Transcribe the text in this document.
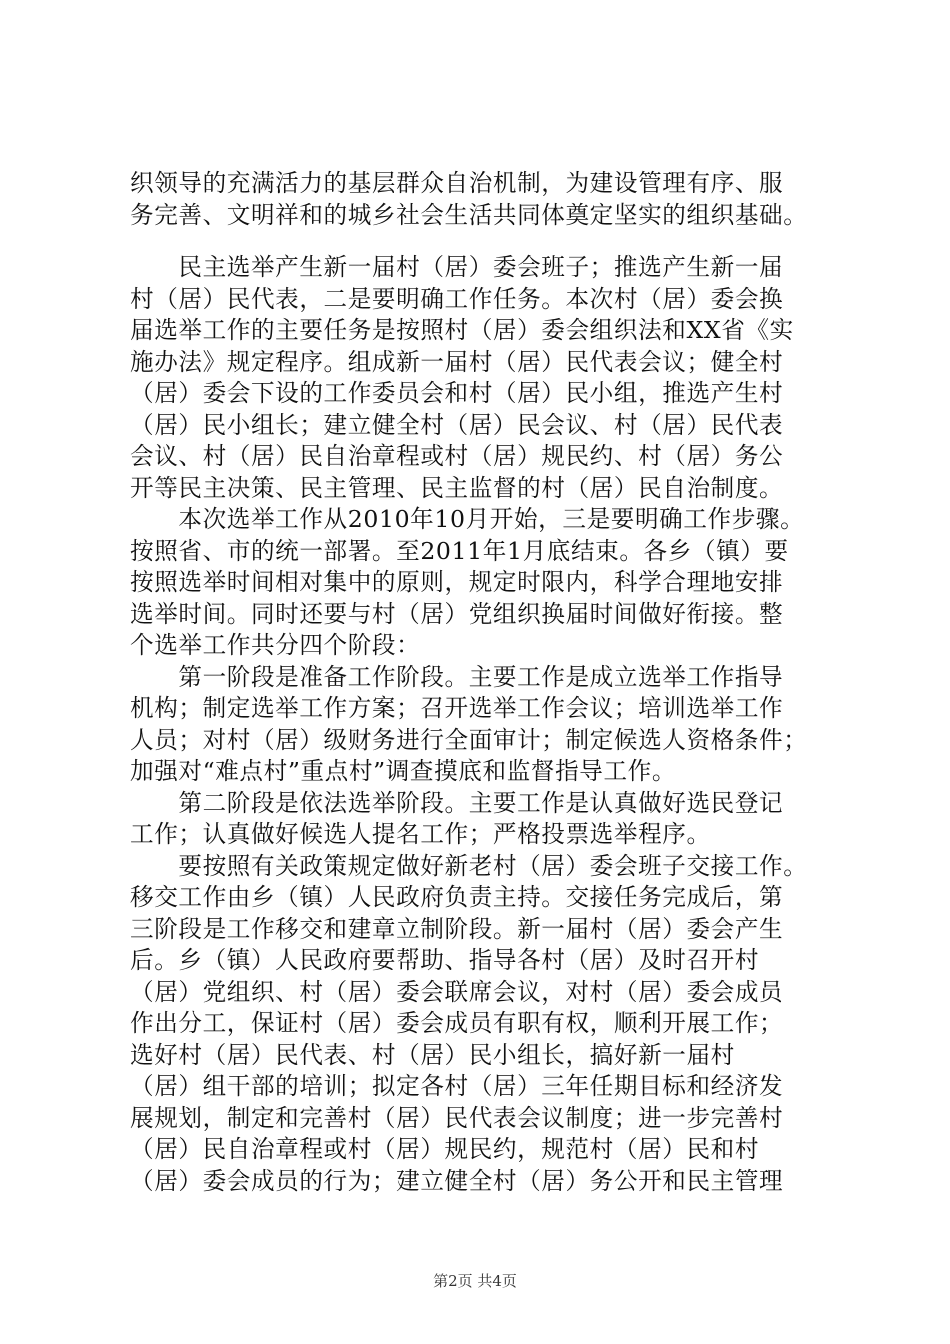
织领导的充满活力的基层群众自治机制，为建设管理有序、服
务完善、文明祥和的城乡社会生活共同体奠定坚实的组织基础。
　　民主选举产生新一届村（居）委会班子；推选产生新一届
村（居）民代表，二是要明确工作任务。本次村（居）委会换
届选举工作的主要任务是按照村（居）委会组织法和XX省《实
施办法》规定程序。组成新一届村（居）民代表会议；健全村
（居）委会下设的工作委员会和村（居）民小组，推选产生村
（居）民小组长；建立健全村（居）民会议、村（居）民代表
会议、村（居）民自治章程或村（居）规民约、村（居）务公
开等民主决策、民主管理、民主监督的村（居）民自治制度。
　　本次选举工作从2010年10月开始，三是要明确工作步骤。
按照省、市的统一部署。至2011年1月底结束。各乡（镇）要
按照选举时间相对集中的原则，规定时限内，科学合理地安排
选举时间。同时还要与村（居）党组织换届时间做好衔接。整
个选举工作共分四个阶段：
　　第一阶段是准备工作阶段。主要工作是成立选举工作指导
机构；制定选举工作方案；召开选举工作会议；培训选举工作
人员；对村（居）级财务进行全面审计；制定候选人资格条件；
加强对“难点村”重点村”调查摸底和监督指导工作。
　　第二阶段是依法选举阶段。主要工作是认真做好选民登记
工作；认真做好候选人提名工作；严格投票选举程序。
　　要按照有关政策规定做好新老村（居）委会班子交接工作。
移交工作由乡（镇）人民政府负责主持。交接任务完成后，第
三阶段是工作移交和建章立制阶段。新一届村（居）委会产生
后。乡（镇）人民政府要帮助、指导各村（居）及时召开村
（居）党组织、村（居）委会联席会议，对村（居）委会成员
作出分工，保证村（居）委会成员有职有权，顺利开展工作；
选好村（居）民代表、村（居）民小组长，搞好新一届村
（居）组干部的培训；拟定各村（居）三年任期目标和经济发
展规划，制定和完善村（居）民代表会议制度；进一步完善村
（居）民自治章程或村（居）规民约，规范村（居）民和村
（居）委会成员的行为；建立健全村（居）务公开和民主管理
第2页 共4页
